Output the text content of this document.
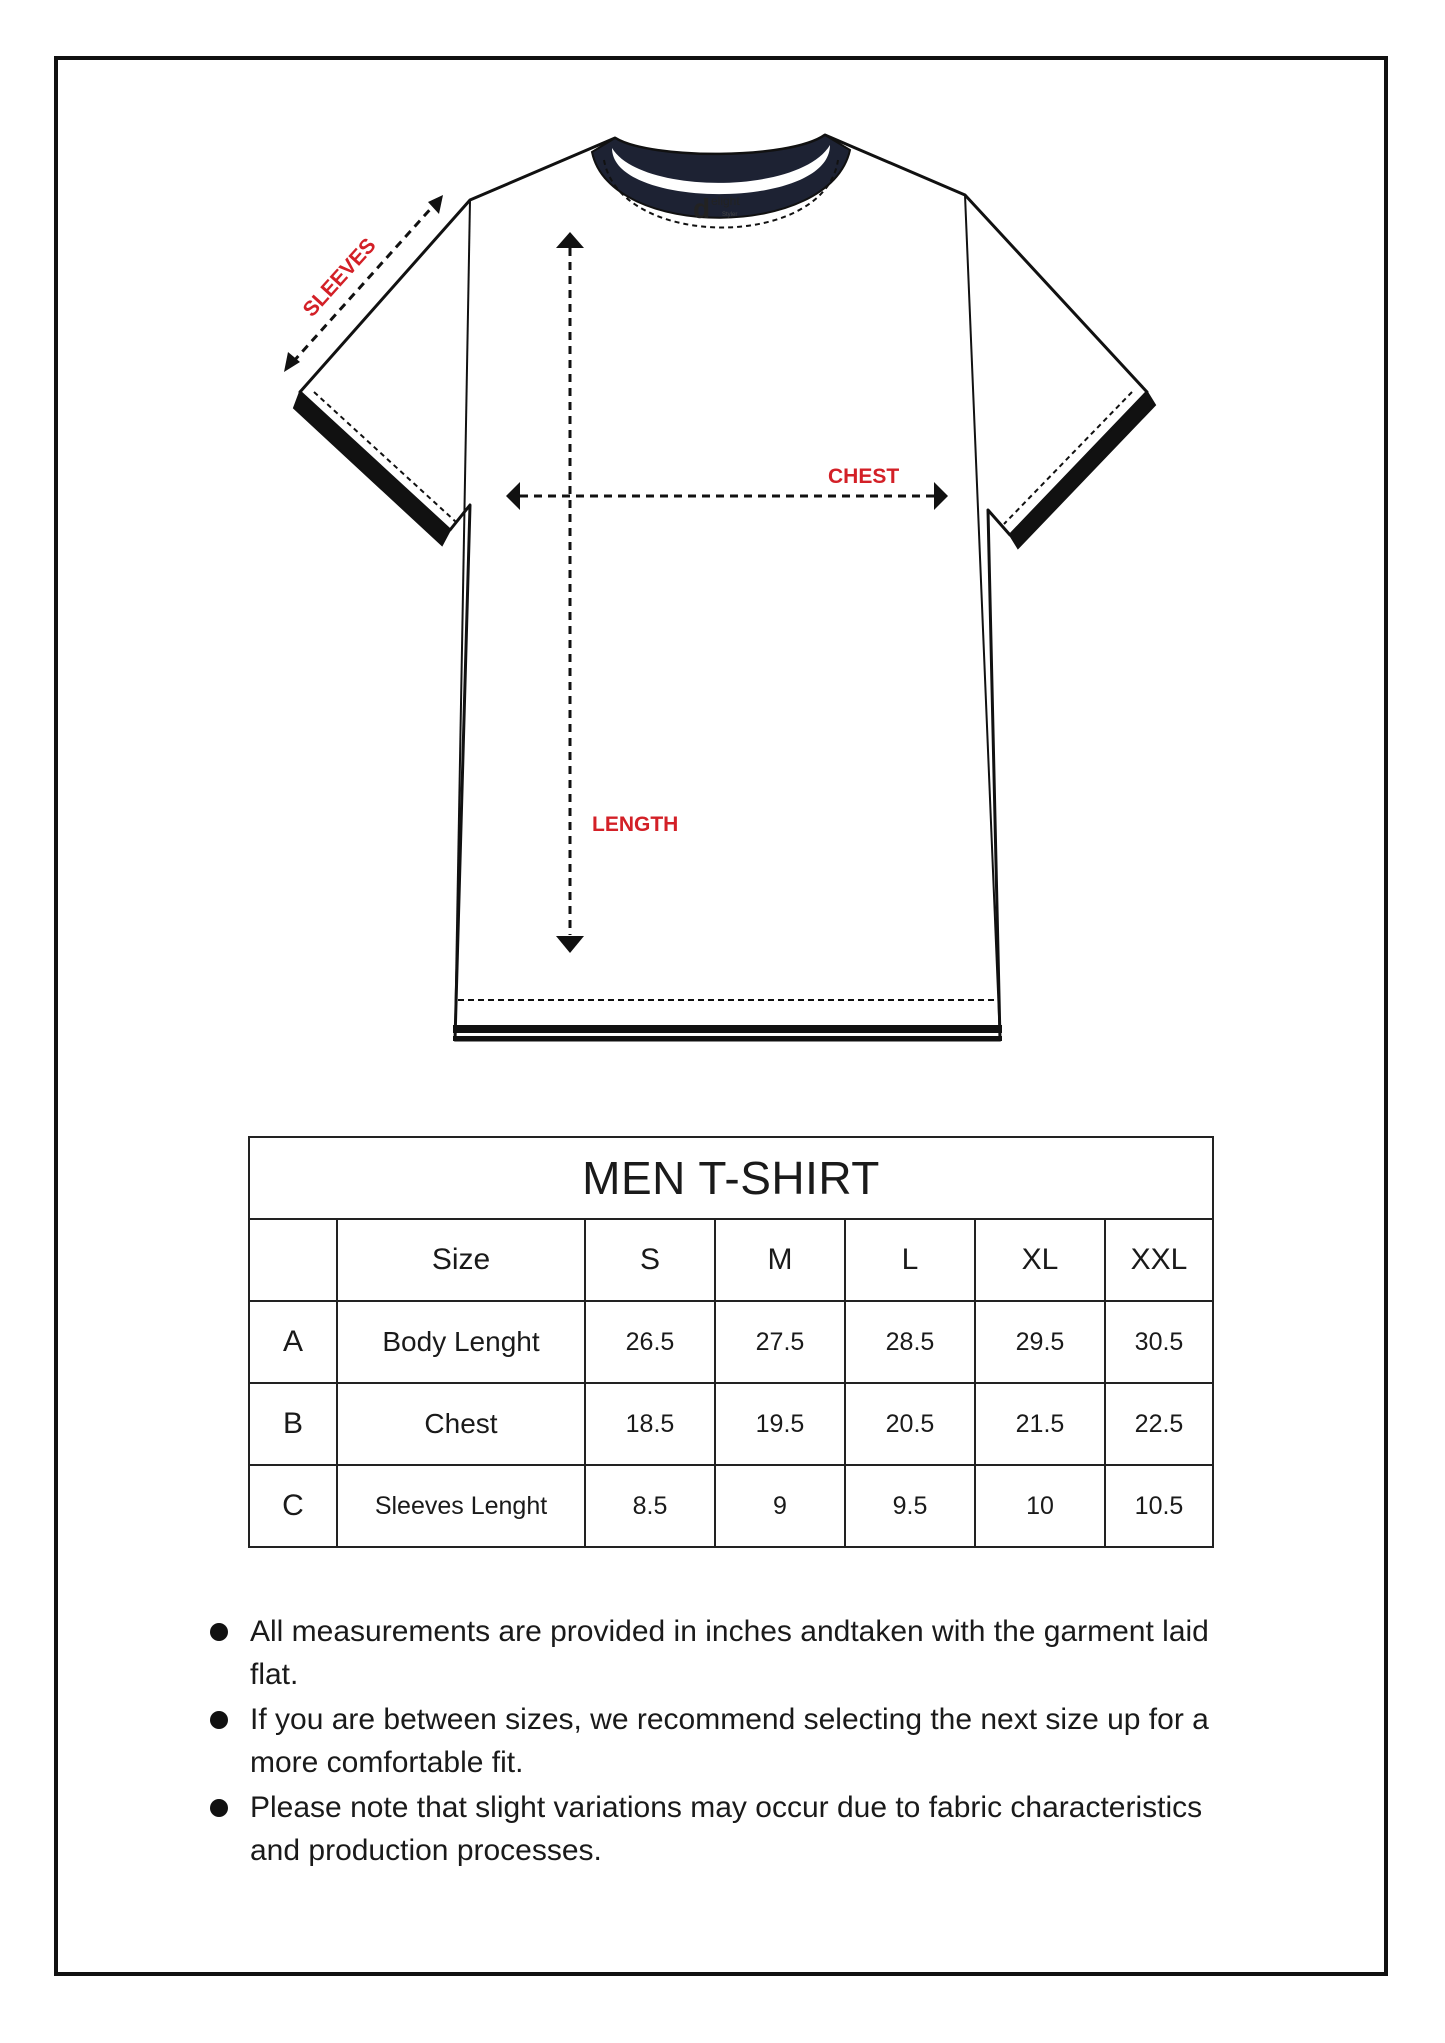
d elight
Styler
SLEEVES
CHEST
LENGTH
MEN T-SHIRT						
	Size	S	M	L	XL	XXL
A	Body Lenght	26.5	27.5	28.5	29.5	30.5
B	Chest	18.5	19.5	20.5	21.5	22.5
C	Sleeves Lenght	8.5	9	9.5	10	10.5
All measurements are provided in inches andtaken with the garment laid flat.
If you are between sizes, we recommend selecting the next size up for a more comfortable fit.
Please note that slight variations may occur due to fabric characteristics and production processes.
